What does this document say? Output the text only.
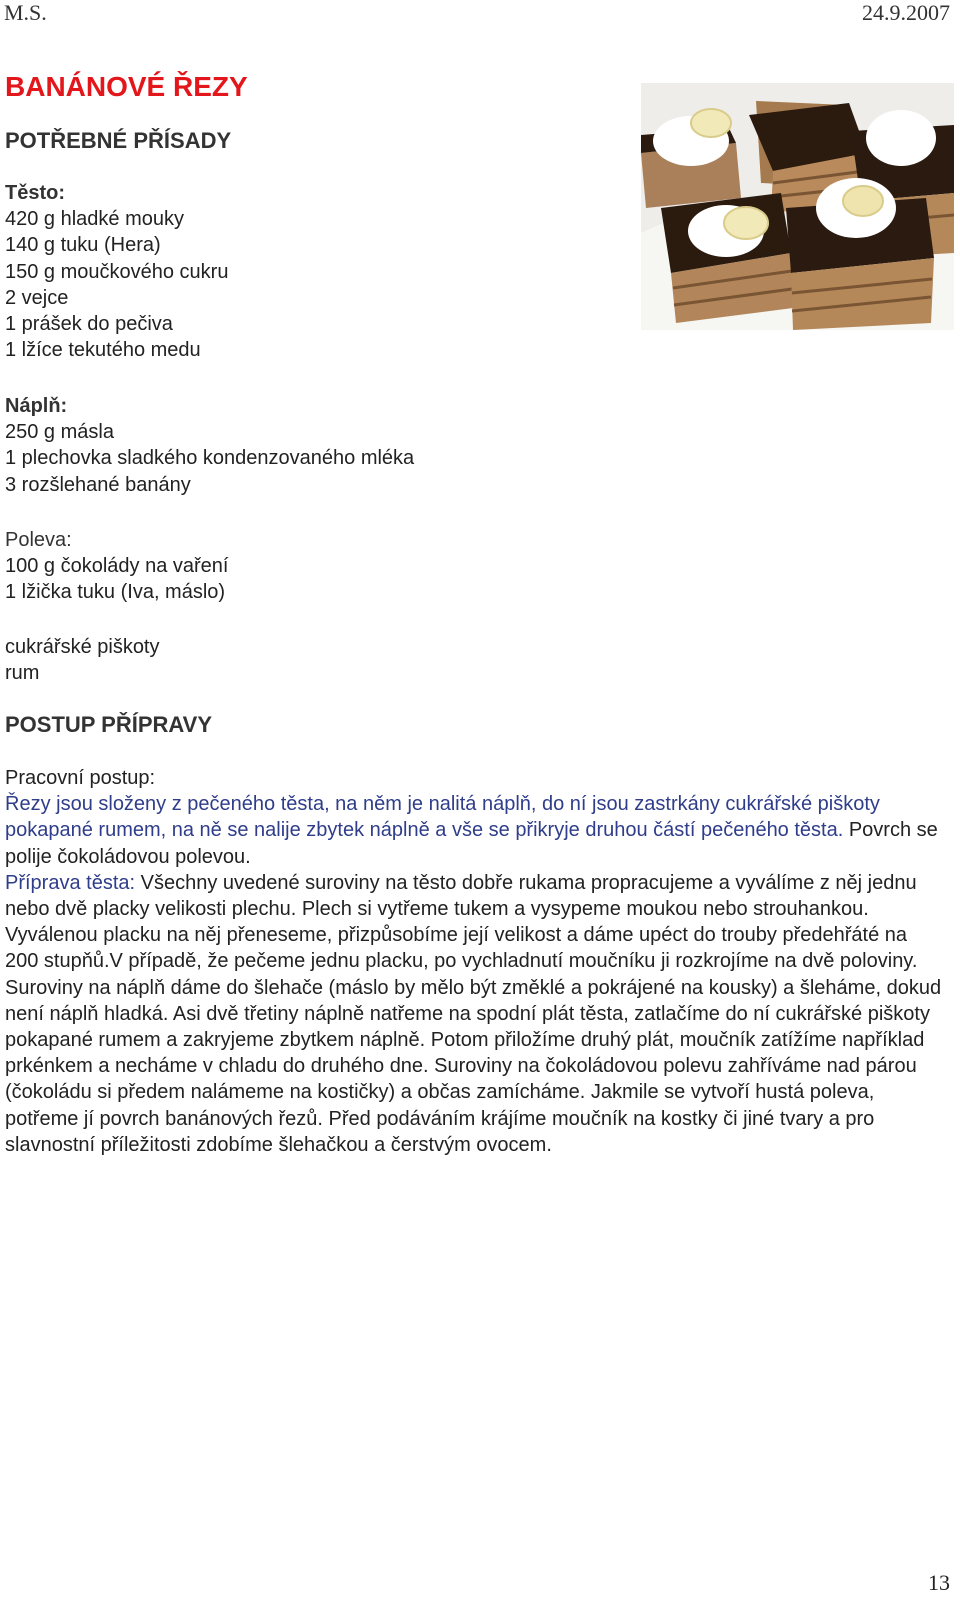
M.S.	24.9.2007
BANÁNOVÉ ŘEZY
POTŘEBNÉ PŘÍSADY
Těsto:
420 g hladké mouky
140 g tuku (Hera)
150 g moučkového cukru
2 vejce
1 prášek do pečiva
1 lžíce tekutého medu
Náplň:
250 g másla
1 plechovka sladkého kondenzovaného mléka
3 rozšlehané banány
Poleva:
100 g čokolády na vaření
1 lžička tuku (Iva, máslo)
cukrářské piškoty
rum
POSTUP PŘÍPRAVY
Pracovní postup:
Řezy jsou složeny z pečeného těsta, na něm je nalitá náplň, do ní jsou zastrkány cukrářské piškoty pokapané rumem, na ně se nalije zbytek náplně a vše se přikryje druhou částí pečeného těsta. Povrch se polije čokoládovou polevou.
Příprava těsta: Všechny uvedené suroviny na těsto dobře rukama propracujeme a vyválíme z něj jednu nebo dvě placky velikosti plechu. Plech si vytřeme tukem a vysypeme moukou nebo strouhankou. Vyválenou placku na něj přeneseme, přizpůsobíme její velikost a dáme upéct do trouby předehřáté na 200 stupňů.V případě, že pečeme jednu placku, po vychladnutí moučníku ji rozkrojíme na dvě poloviny. Suroviny na náplň dáme do šlehače (máslo by mělo být změklé a pokrájené na kousky) a šleháme, dokud není náplň hladká. Asi dvě třetiny náplně natřeme na spodní plát těsta, zatlačíme do ní cukrářské piškoty pokapané rumem a zakryjeme zbytkem náplně. Potom přiložíme druhý plát, moučník zatížíme například prkénkem a necháme v chladu do druhého dne. Suroviny na čokoládovou polevu zahříváme nad párou (čokoládu si předem nalámeme na kostičky) a občas zamícháme. Jakmile se vytvoří hustá poleva, potřeme jí povrch banánových řezů. Před podáváním krájíme moučník na kostky či jiné tvary a pro slavnostní příležitosti zdobíme šlehačkou a čerstvým ovocem.
13
